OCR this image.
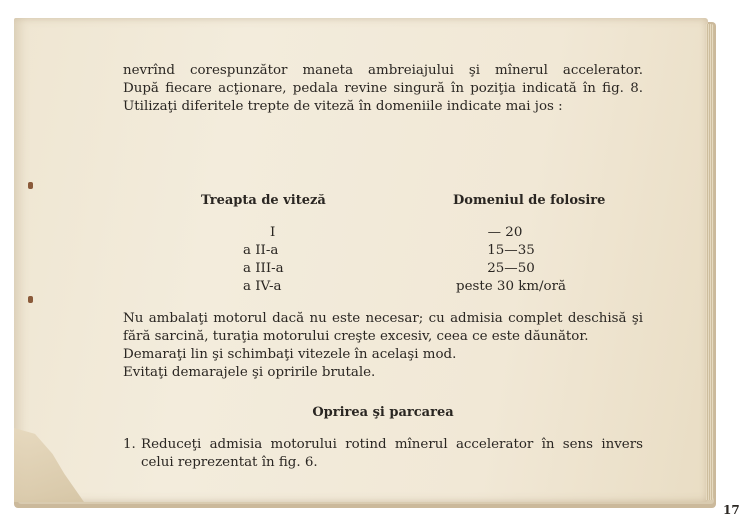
nevrînd corespunzător maneta ambreiajului şi mînerul accelerator.
După fiecare acţionare, pedala revine singură în poziţia indicată în fig. 8.
Utilizaţi diferitele trepte de viteză în domeniile indicate mai jos :

Treapta de viteză	Domeniul de folosire
I
a II-a
a III-a
a IV-a
— 20
15—35
25—50
peste 30 km/oră

Nu ambalaţi motorul dacă nu este necesar; cu admisia complet deschisă şi
fără sarcină, turaţia motorului creşte excesiv, ceea ce este dăunător.
Demaraţi lin şi schimbaţi vitezele în acelaşi mod.
Evitaţi demarajele şi opririle brutale.

Oprirea şi parcarea
1. Reduceţi admisia motorului rotind mînerul accelerator în sens invers
celui reprezentat în fig. 6.
17
